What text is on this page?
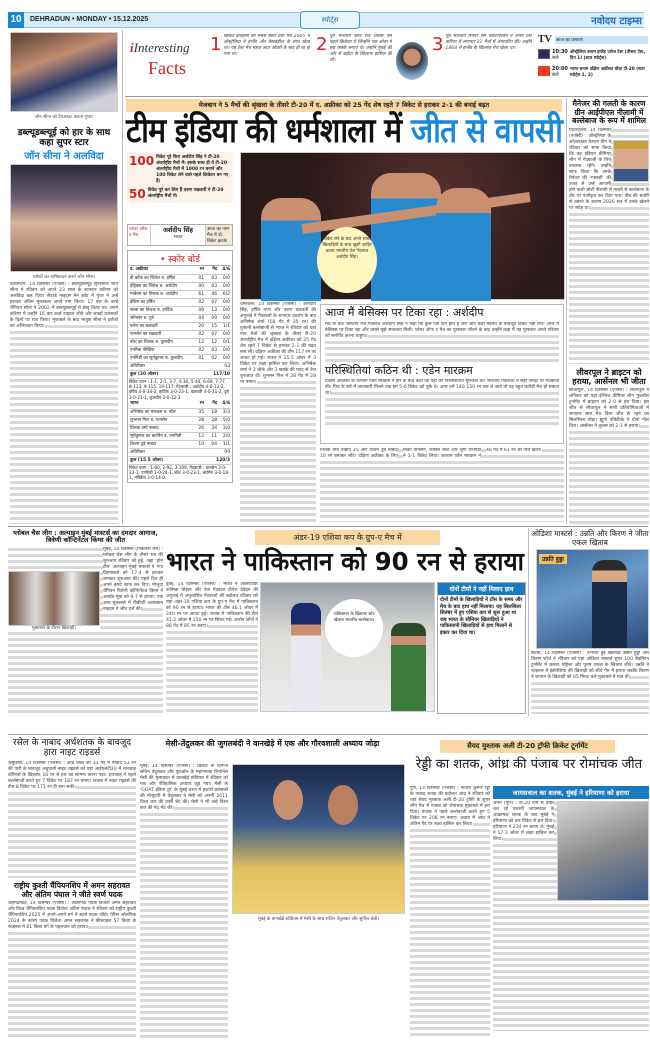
10	DEHRADUN • MONDAY • 15.12.2025	स्पोर्ट्स	नवोदय टाइम्स
जॉन सीना को टैपआउट करता गुंथर।
डब्ल्यूडब्ल्यूई को हार के साथ कहा सुपर स्टार
जॉन सीना ने अलविदा
दर्शकों का अभिवादन करते जॉन सीना।
वॉशिंगटन, 14 दिसम्बर (एजेंसी) : डब्ल्यूडब्ल्यूई सुपरस्टार जॉन सीना ने रविवार को अपने 23 साल के शानदार करियर को अलविदा कह दिया। सैटरडे नाइट्स मेन इवेंट में गुंथर ने उन्हें हराकर अंतिम मुकाबला अपने नाम किया। 17 बार के वर्ल्ड चैंपियन सीना ने 2002 में डब्ल्यूडब्ल्यूई में डेब्यू किया था। अपने करियर में उन्होंने 16 बार वर्ल्ड टाइटल जीते और लाखों प्रशंसकों के दिलों पर राज किया। मुकाबले के बाद भावुक सीना ने दर्शकों का अभिवादन किया।
iInteresting
Facts
1 क्रिकेट इतिहास का सबसे छोटा टेस्ट मैच 2005 में ऑस्ट्रेलिया ने इंग्लैंड और वेस्टइंडीज के साथ खेला था। यह टेस्ट मैच महज़ आठ ओवरों के बाद ही रद्द हो गया था।	2 पूर्व भारतीय कोच रवि शास्त्री ऐसे पहले क्रिकेटर थे जिन्होंने एक ओवर में छह छक्के लगाए थे। उन्होंने मुंबई की ओर से बड़ौदा के खिलाफ हासिल की थी।
3 पूर्व भारतीय स्पिनर एस वेंकटराघवन ने अपने टेस्ट करियर में लगातार 21 मैचों में अंपायरिंग की। उन्होंने 1864 में इंग्लैंड के खिलाफ मैच खेला था।
TV आज का प्रसारण
10:30
बजे
ऑस्ट्रेलिया बनाम इंग्लैंड एशेज टेस्ट (तीसरा टेस्ट, दिन 1) (स्टार स्पोर्ट्स)
20:00
बजे
भारत बनाम दक्षिण अफ्रीका चौथा टी-20 (स्टार स्पोर्ट्स 1, 2)
मेजबान ने 5 मैचों की श्रृंखला के तीसरे टी-20 में द. अफ्रीका को 25 गेंद शेष रहते 7 विकेट से हराकर 2-1 की बनाई बढ़त
टीम इंडिया की धर्मशाला में जीत से वापसी
100 विकेट पूरे किए अर्शदीप सिंह ने टी-20 अंतर्राष्ट्रीय मैचों में। इसके साथ ही वे टी-20 अंतर्राष्ट्रीय मैचों में 1000 रन बनाने और 100 विकेट लेने वाले पहले क्रिकेटर बन गए हैं।
50 विकेट पूरे कर लिए हैं वरुण चक्रवर्ती ने टी-20 अंतर्राष्ट्रीय मैचों में।
प्लेयर ऑफ द मैच
अर्शदीप सिंह
भारत
आज का नाम मैच में दो विकेट झटके
• स्कोर बोर्ड
द. अफ्रीका	रन	गेंद	4/6
डी कॉक का जितेश ब. हर्षित	01	03	0/0
हेंड्रिक्स का जितेश ब. अर्शदीप	00	03	0/0
मार्करम का तिलक ब. अर्शदीप	61	46	6/2
ब्रेविस का हर्षित	02	07	0/0
स्टब्स का तिलक ब. हार्दिक	09	13	0/0
जॉनसन ब. दुबे	04	09	0/0
फरेरा का चक्रवर्ती	20	15	1/1
यानसेन का चक्रवर्ती	02	07	0/0
बॉश का तिलक ब. कुलदीप	12	12	0/1
एनरिक नॉर्खिया	02	03	0/0
एनगिडी का सूर्यकुमार ब. कुलदीप	01	02	0/0
अतिरिक्त	03		
कुल (20 ओवर)	117/10		
विकेट पतन : 1-1, 2-1, 3-7, 4-30, 5-44, 6-69, 7-77, 8-113, 9-115, 10-117. गेंदबाजी : अर्शदीप 4-0-13-2, हर्षित 4-0-34-2, हार्दिक 3-0-23-1, चक्रवर्ती 4-0-11-2, दुबे 3-0-21-1, कुलदीप 2-0-12-2.
भारत	रन	गेंद	4/6
अभिषेक का मारक्रम ब. बॉश	35	18	3/3
शुभमन गिल ब. यानसेन	28	28	5/0
तिलक वर्मा नाबाद	26	34	3/0
सूर्यकुमार का बार्टमैन ब. एनगिडी	12	11	2/0
शिवम दुबे नाबाद	10	04	1/1
अतिरिक्त	09		
कुल (15.5 ओवर)	120/3		
विकेट पतन : 1-60, 2-92, 3-109. गेंदबाजी : यानसेन 3-0-23-1, एनगिडी 3-0-24-1, बॉश 3-0-23-1, बार्टमैन 3-0-18-1, नॉर्खिया 3-0-14-0.
विकेट लेने के बाद अपने साथी खिलाड़ियों के साथ खुशी ज़ाहिर करता भारतीय तेज गेंदबाज अर्शदीप सिंह।
धर्मशाला, 14 दिसम्बर (एजेंसी) : अर्शदीप सिंह, हर्षित राणा और वरुण चक्रवर्ती की अगुवाई में गेंदबाजों के शानदार प्रदर्शन के बाद अभिषेक शर्मा (18 गेंद में 35 रन) की तूफानी बल्लेबाजी से भारत ने रविवार को यहां पांच मैचों की श्रृंखला के तीसरे टी-20 अंतर्राष्ट्रीय मैच में दक्षिण अफ्रीका को 25 गेंद शेष रहते 7 विकेट से हराकर 2-1 की बढ़त बना ली। दक्षिण अफ्रीका की टीम 117 रन पर आउट हो गई। भारत ने 15.5 ओवर में 3 विकेट पर लक्ष्य हासिल कर लिया। अभिषेक शर्मा ने 3 चौके और 3 छक्के की मदद से तेज शुरुआत दी। शुभमन गिल ने 28 गेंद में 28 रन बनाए।
आज मैं बेसिक्स पर टिका रहा : अर्शदीप
मैच के बाद भारतीय तेज गेंदबाज अर्शदीप सिंह ने कहा कि कुछ ऐसे दिन होते हैं जब आप कड़ी मेहनत के बावजूद विकेट नहीं लेते। आज मैं बेसिक्स पर टिका रहा और उससे मुझे सफलता मिली। प्लेयर ऑफ द मैच का पुरस्कार जीतने के बाद उन्होंने कहा मैं यह पुरस्कार अपने परिवार को समर्पित करना चाहूंगा।
परिस्थितियां कठिन थी : एडेन मारक्रम
दक्षिण अफ्रीका के कप्तान एडेन मारक्रम ने हार के बाद कहा कि यहां की परिस्थितियां मुश्किल थीं। भारतीय गेंदबाजों ने सही जगहों पर गेंदबाजी की। पिच के बारे में जानकारी मिलने तक हम 5-6 विकेट खो चुके थे। अगर हमें 140-150 रन तक ले जाते तो यह बहुत करीबी मैच हो सकता था।
तिलक वर्मा नाबाद 25 और शिवम दुबे नाबाद 10 रन बनाकर लौटे। दक्षिण अफ्रीका के लिए मार्को यानसेन, कॉर्बिन बॉश और लुंगी एनगिडी ने 1-1 विकेट लिया। कप्तान एडेन मारक्रम ने 46 गेंद में 61 रन की पारी खेली।
मैनेजर की गलती के कारण ग्रीन आईपीएल नीलामी में बल्लेबाज के रूप में शामिल
पर्थ/दिल्ली, 14 दिसम्बर (एजेंसी) : ऑस्ट्रेलिया के ऑलराउंडर कैमरन ग्रीन ने रविवार को साफ किया कि वह इंडियन प्रीमियर लीग में गेंदबाजी के लिए उपलब्ध रहेंगे। उन्होंने साफ किया कि उनके मैनेजर की 'गड़बड़ी' की वजह से उन्हें आगामी होने वाली छोटी नीलामी में गलती से बल्लेबाज के तौर पर पंजीकृत कर दिया गया। पीठ की सर्जरी से उबरने के कारण 2026 सत्र में उनके खेलने पर संदेह था।
लीवरपूल ने ब्राइटन को हराया, आर्सेनल भी जीता
लीवरपूल, 14 दिसम्बर (एजेंसी) : लीवरपूल ने शनिवार को यहां इंग्लिश प्रीमियर लीग फुटबॉल टूर्नामेंट में ब्राइटन को 2-0 से हरा दिया। इस जीत से लीवरपूल ने सभी प्रतियोगिताओं में लगातार सात मैच बिना जीत के रहने का सिलसिला तोड़ा। ह्यूगो एकिटिके ने दोनों गोल किए। आर्सेनल ने वूल्व्स को 2-1 से हराया।
ग्लोबल चैस लीग : अल्पाइन मुंबई मास्टर्स का दमदार आगाज, त्रिवेणी कॉन्टिनेंटल किंग्स की जीत
मुकाबले के दौरान खिलाड़ी।
मुंबई, 14 दिसम्बर (निकलेश जैन) : ग्लोबल चैस लीग के तीसरे सत्र की शुरुआत रविवार को हुई, जहां 'होम टीम' अल्पाइन मुंबई मास्टर्स ने गंगा ग्रैंडमास्टर्स को 17-4 से हराकर शानदार शुरुआत की। पहले दिन ही अपने इरादे साफ कर दिए। मौजूदा चैंपियन त्रिवेणी कॉन्टिनेंटल किंग्स ने अपग्रेड मुंबा को 9-7 से हराया। एक अन्य मुकाबले में पीबीजी अलास्कन नाइट्स ने जीत दर्ज की।
अंडर-19 एशिया कप के ग्रुप-ए मैच में
भारत ने पाकिस्तान को 90 रन से हराया
दुबई, 14 दिसम्बर (एजेंसी) : भारत ने ऑलराउंडर कनिष्क चौहान और तेज गेंदबाज दीपेश देवेंद्रन की अगुवाई में अनुशासित गेंदबाजों की बदौलत रविवार को यहां अंडर-19 एशिया कप के ग्रुप-ए मैच में पाकिस्तान को 90 रन से हराया। भारत की टीम 46.1 ओवर में 240 रन पर आउट हुई। जवाब में पाकिस्तान की टीम 41.2 ओवर में 150 रन पर सिमट गई। आरोन जॉर्ज ने 88 गेंद में 85 रन बनाए।
पाकिस्तान के खिलाफ शॉट खेलता भारतीय बल्लेबाज।
दोनों टीमों ने नहीं मिलाए हाथ
दोनों टीमों के खिलाड़ियों ने टॉस के समय और मैच के बाद हाथ नहीं मिलाया। यह सिलसिला सितंबर में हुए एशिया कप से शुरू हुआ था जब भारत के सीनियर खिलाड़ियों ने पाकिस्तानी खिलाड़ियों से हाथ मिलाने से इंकार कर दिया था।
ओडिशा मास्टर्स : उन्नति और किरण ने जीता एकल खिताब
उन्नति हुड्डा
कटक, 14 दिसम्बर (एजेंसी) : उभरती हुई खिलाड़ी उन्नति हुड्डा और किरण जॉर्ज ने रविवार को यहां ओडिशा मास्टर्स सुपर 100 बैडमिंटन टूर्नामेंट में क्रमशः महिला और पुरुष एकल के खिताब जीते। उन्नति ने फाइनल में इंडोनेशिया की खिलाड़ी को सीधे गेम में हराया जबकि किरण ने जापान के खिलाड़ी को 65 मिनट चले मुकाबले में मात दी।
रसेल के नाबाद अर्धशतक के बावजूद हारा नाइट राइडर्स
अबुधाबी, 14 दिसम्बर (एजेंसी) : आंद्रे रसेल की 33 गेंद में नाबाद 53 रन की पारी के बावजूद अबुधाबी नाइट राइडर्स को यहां आईएलटी20 में शारजाह वॉरियर्स के खिलाफ 16 रन से हार का सामना करना पड़ा। शारजाह ने पहले बल्लेबाजी करते हुए 7 विकेट पर 187 रन बनाए। जवाब में नाइट राइडर्स की टीम 8 विकेट पर 171 रन ही बना सकी।
मेसी-तेंदुलकर की जुगलबंदी ने वानखेड़े में एक और गौरवशाली अध्याय जोड़ा
मुंबई, 14 दिसम्बर (एजेंसी) : क्रिकेट के दिग्गज सचिन तेंदुलकर और फुटबॉल के महानायक लियोनेल मेसी की मुलाकात से वानखेड़े स्टेडियम में रविवार को एक और ऐतिहासिक अध्याय जुड़ गया। मेसी के 'GOAT इंडिया टूर' के मुंबई चरण में हजारों प्रशंसकों की मौजूदगी में तेंदुलकर ने मेसी को अपनी 2011 विश्व कप की जर्सी भेंट की। मेसी ने भी उन्हें विश्व कप की गेंद भेंट की।
मुंबई के वानखेड़े स्टेडियम में मेसी के साथ सचिन तेंदुलकर और सुनील छेत्री।
सैयद मुश्ताक अली टी-20 ट्रॉफी क्रिकेट टूर्नामेंट
रेड्डी का शतक, आंध्र की पंजाब पर रोमांचक जीत
पुणे, 14 दिसम्बर (एजेंसी) : नीतीश कुमार रेड्डी के नाबाद शतक की बदौलत आंध्र ने रविवार को यहां सैयद मुश्ताक अली टी-20 ट्रॉफी के सुपर लीग मैच में पंजाब को रोमांचक मुकाबले में हरा दिया। पंजाब ने पहले बल्लेबाजी करते हुए 5 विकेट पर 208 रन बनाए। जवाब में आंध्र ने अंतिम गेंद पर लक्ष्य हासिल कर लिया।
जायसवाल का शतक, मुंबई ने हरियाणा को हराया
अपने (पुणे) : टी-20 टीम से बाहर चल रहे यशस्वी जायसवाल के आक्रामक शतक के बाद मुंबई ने हरियाणा को चार विकेट से हरा दिया। हरियाणा ने 234 रन बनाए थे। मुंबई ने 17.3 ओवर में लक्ष्य हासिल कर लिया।
राष्ट्रीय कुश्ती चैंपियनशिप में अमन सहरावत और अंतिम पंघाल ने जीते स्वर्ण पदक
अहमदाबाद, 14 दिसम्बर (एजेंसी) : ओलंपिक पदक विजेता अमन सहरावत और विश्व चैंपियनशिप पदक विजेता अंतिम पंघाल ने रविवार को राष्ट्रीय कुश्ती चैंपियनशिप 2025 में अपने-अपने वर्ग में स्वर्ण पदक जीते। पेरिस ओलंपिक 2024 के कांस्य पदक विजेता अमन सहरावत ने फ्रीस्टाइल 57 किग्रा के फाइनल में 61 किग्रा वर्ग के पहलवान को हराया।
